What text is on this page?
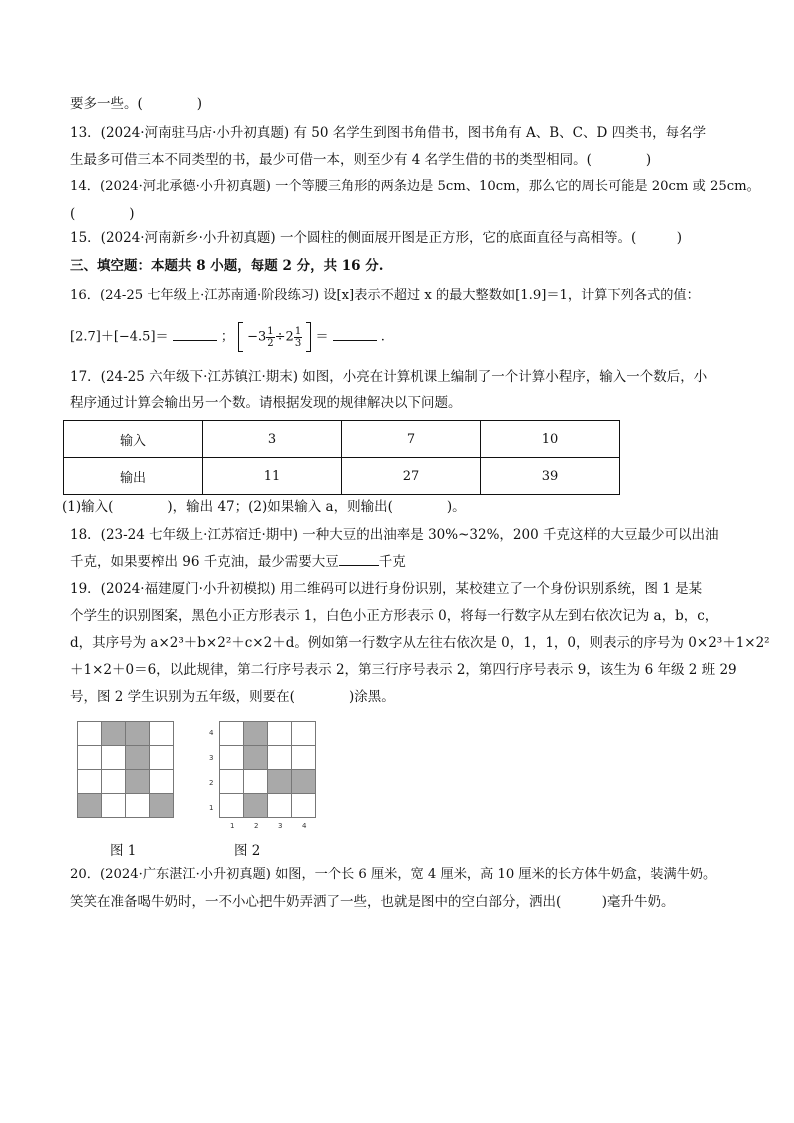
要多一些。(　　　　)
13．(2024·河南驻马店·小升初真题) 有 50 名学生到图书角借书，图书角有 A、B、C、D 四类书，每名学
生最多可借三本不同类型的书，最少可借一本，则至少有 4 名学生借的书的类型相同。(　　　　)
14．(2024·河北承德·小升初真题) 一个等腰三角形的两条边是 5cm、10cm，那么它的周长可能是 20cm 或 25cm。
(　　　　)
15．(2024·河南新乡·小升初真题) 一个圆柱的侧面展开图是正方形，它的底面直径与高相等。(　　　)
三、填空题：本题共 8 小题，每题 2 分，共 16 分.
16．(24-25 七年级上·江苏南通·阶段练习) 设[x]表示不超过 x 的最大整数如[1.9]＝1，计算下列各式的值：
[2.7]＋[−4.5]＝	； $-3 \frac{1}{2} \div 2 \frac{1}{3}$ ＝	.
17．(24-25 六年级下·江苏镇江·期末) 如图，小亮在计算机课上编制了一个计算小程序，输入一个数后，小
程序通过计算会输出另一个数。请根据发现的规律解决以下问题。
输入	3	7	10
输出	11	27	39
(1)输入(　　　　)，输出 47；(2)如果输入 a，则输出(　　　　)。
18．(23-24 七年级上·江苏宿迁·期中) 一种大豆的出油率是 30%~32%，200 千克这样的大豆最少可以出油
千克，如果要榨出 96 千克油，最少需要大豆	千克
19．(2024·福建厦门·小升初模拟) 用二维码可以进行身份识别，某校建立了一个身份识别系统，图 1 是某
个学生的识别图案，黑色小正方形表示 1，白色小正方形表示 0，将每一行数字从左到右依次记为 a，b，c，
d，其序号为 a×2³＋b×2²＋c×2＋d。例如第一行数字从左往右依次是 0，1，1，0，则表示的序号为 0×2³＋1×2²
＋1×2＋0＝6，以此规律，第二行序号表示 2，第三行序号表示 2，第四行序号表示 9，该生为 6 年级 2 班 29
号，图 2 学生识别为五年级，则要在(　　　　)涂黑。
图 1
4
3
2
1
1	2	3	4
图 2
20．(2024·广东湛江·小升初真题) 如图，一个长 6 厘米，宽 4 厘米，高 10 厘米的长方体牛奶盒，装满牛奶。
笑笑在准备喝牛奶时，一不小心把牛奶弄洒了一些，也就是图中的空白部分，洒出(　　　)毫升牛奶。
